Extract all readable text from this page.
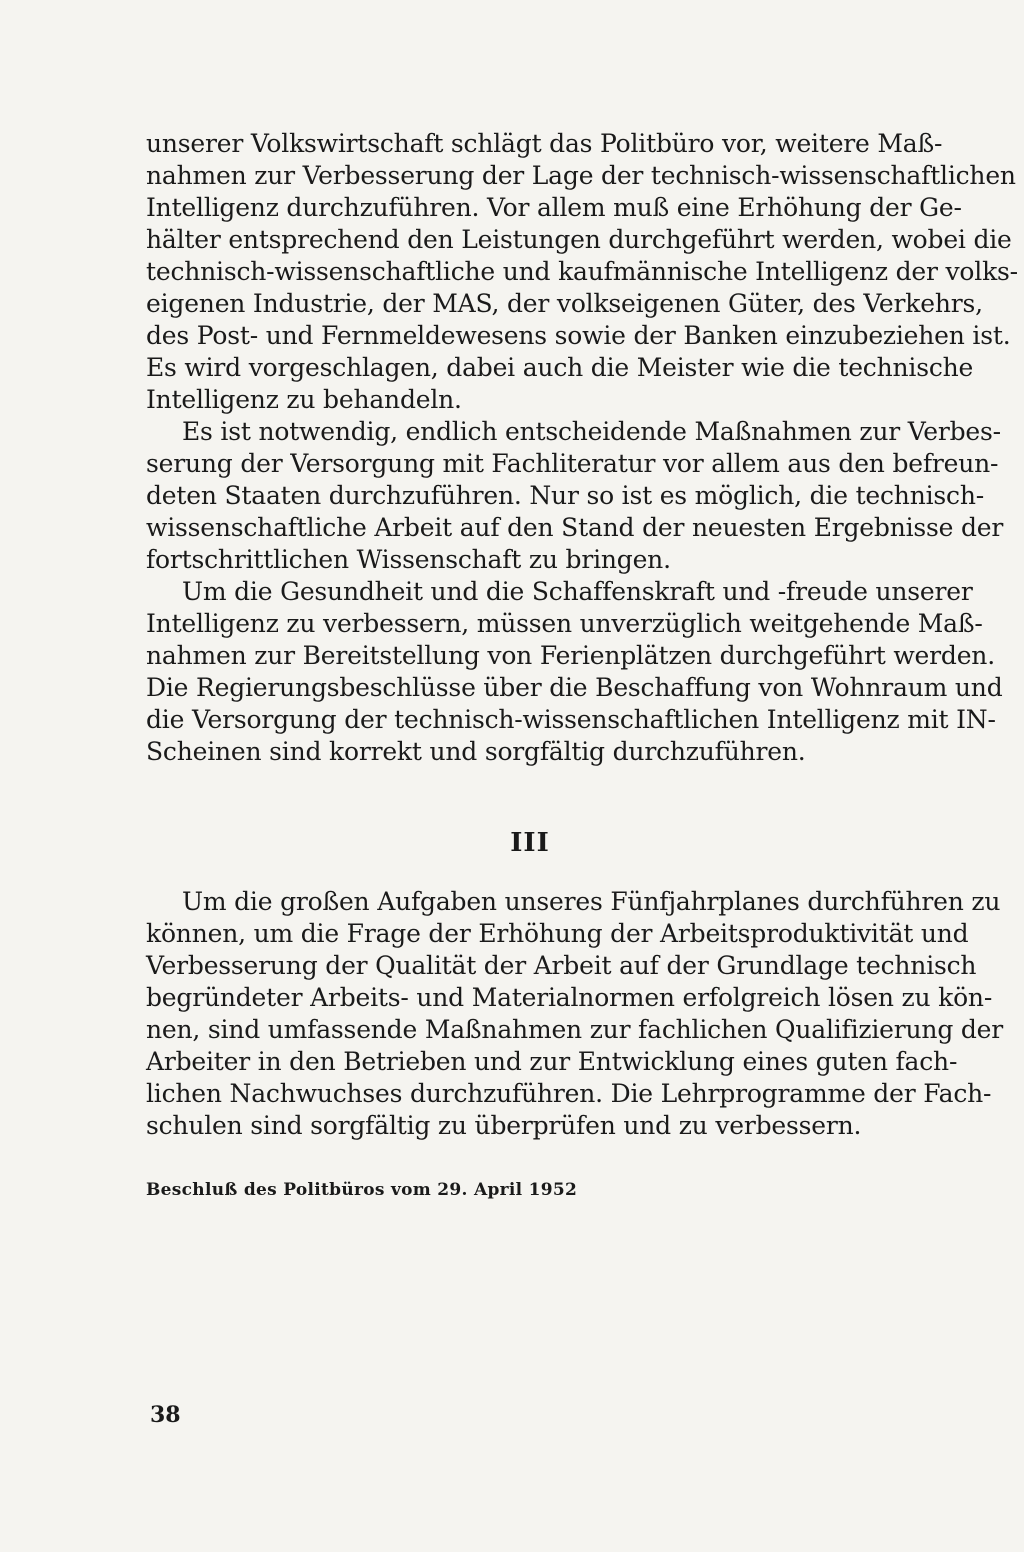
unserer Volkswirtschaft schlägt das Politbüro vor, weitere Maß-
nahmen zur Verbesserung der Lage der technisch-wissenschaftlichen
Intelligenz durchzuführen. Vor allem muß eine Erhöhung der Ge-
hälter entsprechend den Leistungen durchgeführt werden, wobei die
technisch-wissenschaftliche und kaufmännische Intelligenz der volks-
eigenen Industrie, der MAS, der volkseigenen Güter, des Verkehrs,
des Post- und Fernmeldewesens sowie der Banken einzubeziehen ist.
Es wird vorgeschlagen, dabei auch die Meister wie die technische
Intelligenz zu behandeln.
Es ist notwendig, endlich entscheidende Maßnahmen zur Verbes-
serung der Versorgung mit Fachliteratur vor allem aus den befreun-
deten Staaten durchzuführen. Nur so ist es möglich, die technisch-
wissenschaftliche Arbeit auf den Stand der neuesten Ergebnisse der
fortschrittlichen Wissenschaft zu bringen.
Um die Gesundheit und die Schaffenskraft und -freude unserer
Intelligenz zu verbessern, müssen unverzüglich weitgehende Maß-
nahmen zur Bereitstellung von Ferienplätzen durchgeführt werden.
Die Regierungsbeschlüsse über die Beschaffung von Wohnraum und
die Versorgung der technisch-wissenschaftlichen Intelligenz mit IN-
Scheinen sind korrekt und sorgfältig durchzuführen.
III
Um die großen Aufgaben unseres Fünfjahrplanes durchführen zu
können, um die Frage der Erhöhung der Arbeitsproduktivität und
Verbesserung der Qualität der Arbeit auf der Grundlage technisch
begründeter Arbeits- und Materialnormen erfolgreich lösen zu kön-
nen, sind umfassende Maßnahmen zur fachlichen Qualifizierung der
Arbeiter in den Betrieben und zur Entwicklung eines guten fach-
lichen Nachwuchses durchzuführen. Die Lehrprogramme der Fach-
schulen sind sorgfältig zu überprüfen und zu verbessern.
Beschluß des Politbüros vom 29. April 1952
38
